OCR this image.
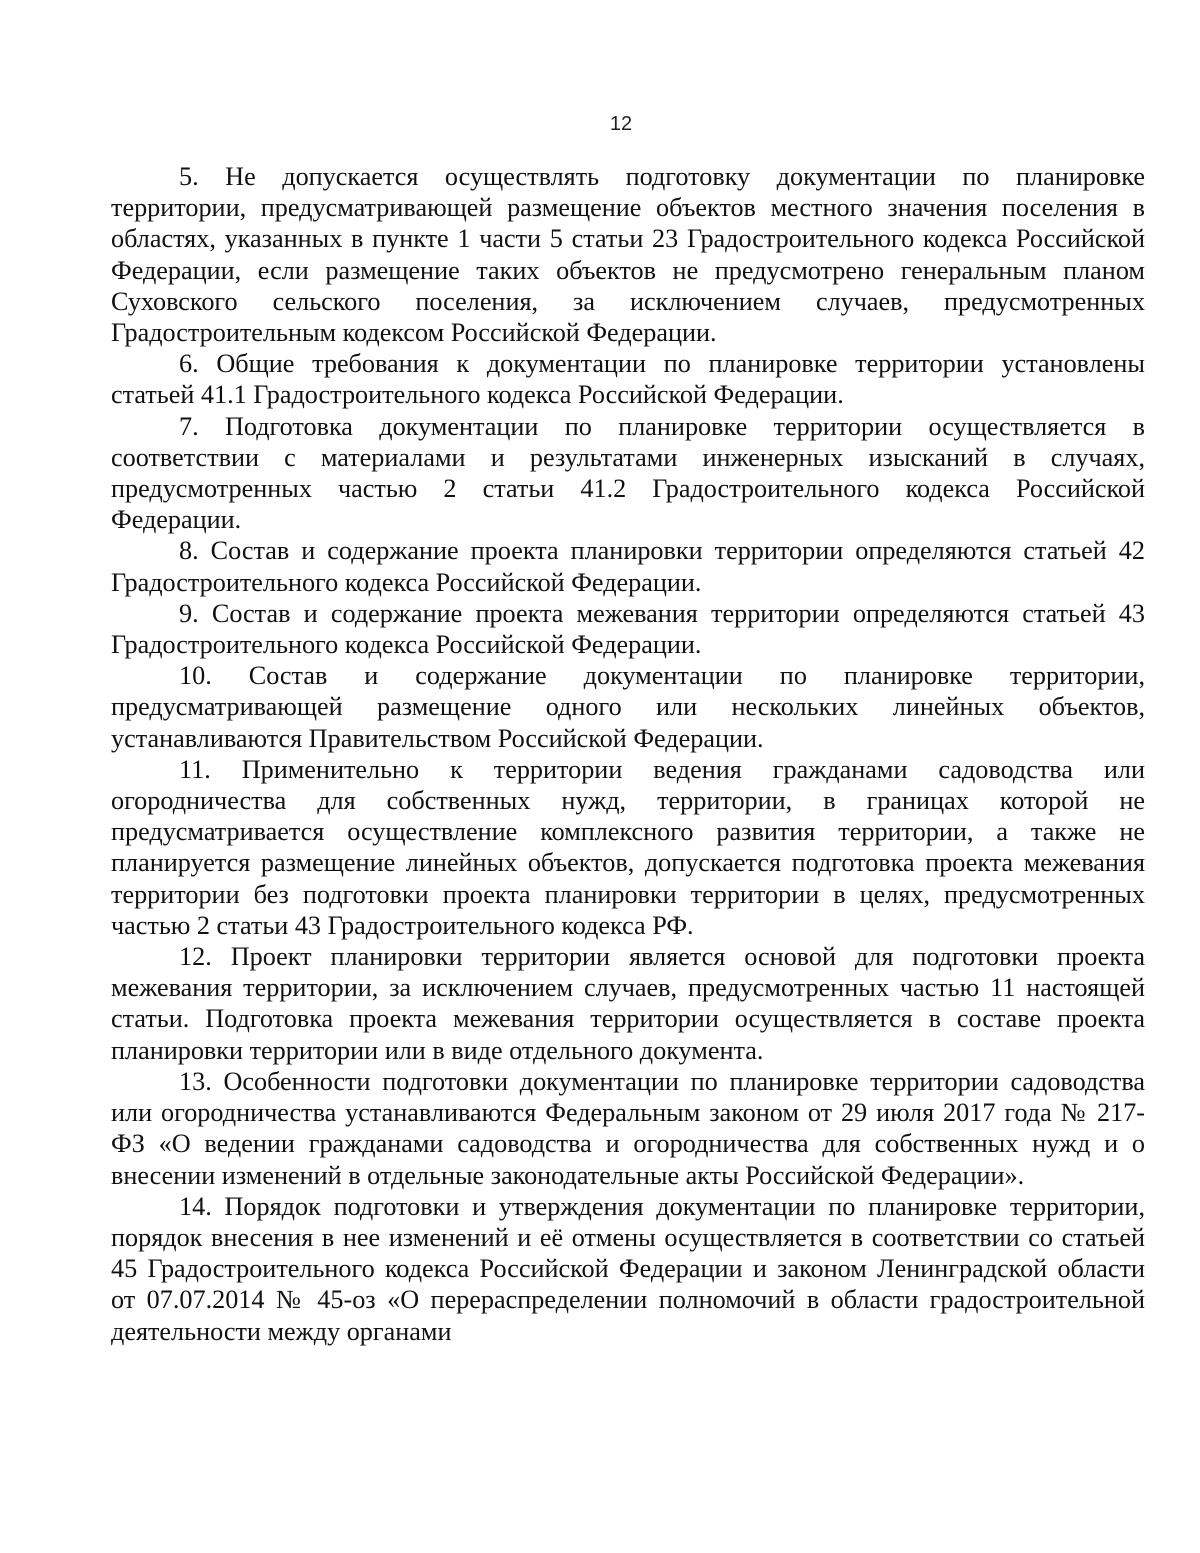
12

5. Не допускается осуществлять подготовку документации по планировке территории, предусматривающей размещение объектов местного значения поселения в областях, указанных в пункте 1 части 5 статьи 23 Градостроительного кодекса Российской Федерации, если размещение таких объектов не предусмотрено генеральным планом Суховского сельского поселения, за исключением случаев, предусмотренных Градостроительным кодексом Российской Федерации.

6. Общие требования к документации по планировке территории установлены статьей 41.1 Градостроительного кодекса Российской Федерации.

7. Подготовка документации по планировке территории осуществляется в соответствии с материалами и результатами инженерных изысканий в случаях, предусмотренных частью 2 статьи 41.2 Градостроительного кодекса Российской Федерации.

8. Состав и содержание проекта планировки территории определяются статьей 42 Градостроительного кодекса Российской Федерации.

9. Состав и содержание проекта межевания территории определяются статьей 43 Градостроительного кодекса Российской Федерации.

10. Состав и содержание документации по планировке территории, предусматривающей размещение одного или нескольких линейных объектов, устанавливаются Правительством Российской Федерации.

11. Применительно к территории ведения гражданами садоводства или огородничества для собственных нужд, территории, в границах которой не предусматривается осуществление комплексного развития территории, а также не планируется размещение линейных объектов, допускается подготовка проекта межевания территории без подготовки проекта планировки территории в целях, предусмотренных частью 2 статьи 43 Градостроительного кодекса РФ.

12. Проект планировки территории является основой для подготовки проекта межевания территории, за исключением случаев, предусмотренных частью 11 настоящей статьи. Подготовка проекта межевания территории осуществляется в составе проекта планировки территории или в виде отдельного документа.

13. Особенности подготовки документации по планировке территории садоводства или огородничества устанавливаются Федеральным законом от 29 июля 2017 года № 217-ФЗ «О ведении гражданами садоводства и огородничества для собственных нужд и о внесении изменений в отдельные законодательные акты Российской Федерации».

14. Порядок подготовки и утверждения документации по планировке территории, порядок внесения в нее изменений и её отмены осуществляется в соответствии со статьей 45 Градостроительного кодекса Российской Федерации и законом Ленинградской области от 07.07.2014 № 45-оз «О перераспределении полномочий в области градостроительной деятельности между органами
